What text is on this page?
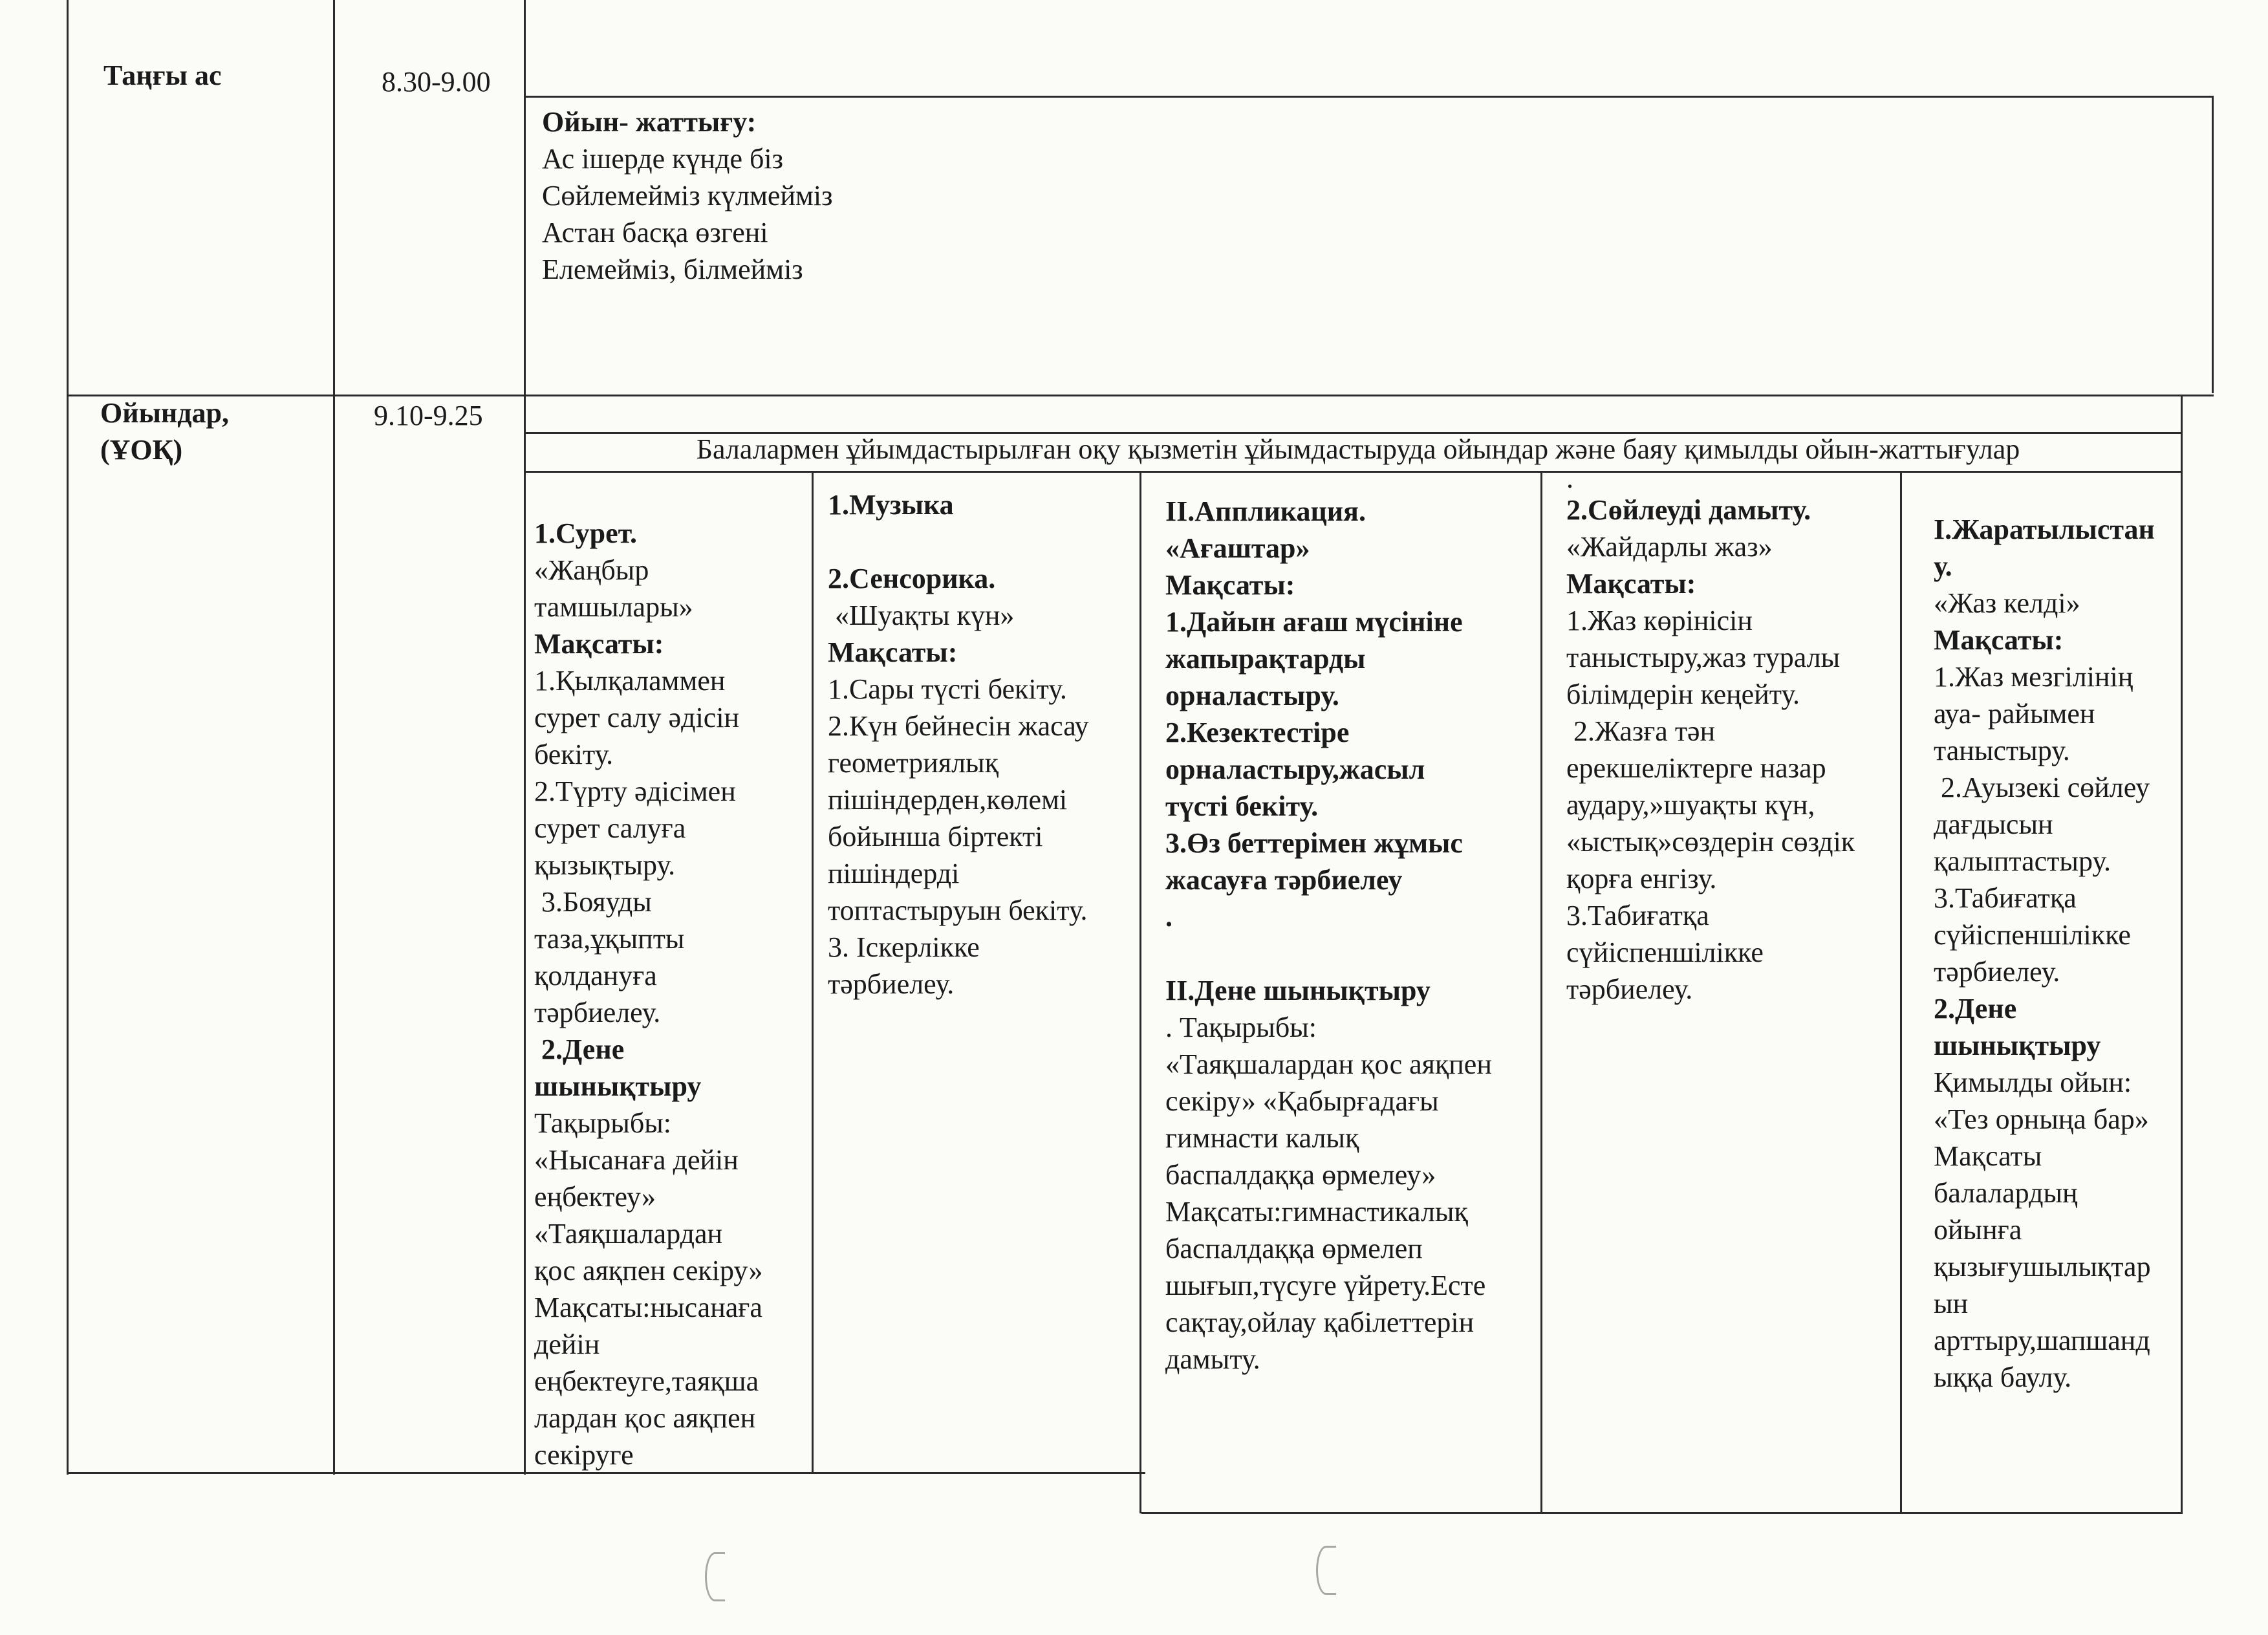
Таңғы ас	8.30-9.00

Ойын- жаттығу:

Ас ішерде күнде біз

Сөйлемейміз күлмейміз

Астан басқа өзгені

Елемейміз, білмейміз

Ойындар,

(ҰОҚ)

9.10-9.25
Балалармен ұйымдастырылған оқу қызметін ұйымдастыруда ойындар және баяу қимылды ойын-жаттығулар

1.Сурет.

«Жаңбыр

тамшылары»

Мақсаты:

1.Қылқаламмен

сурет салу әдісін

бекіту.

2.Түрту әдісімен

сурет салуға

қызықтыру.

3.Бояуды

таза,ұқыпты

қолдануға

тәрбиелеу.

2.Дене

шынықтыру

Тақырыбы:

«Нысанаға дейін

еңбектеу»

«Таяқшалардан

қос аяқпен секіру»

Мақсаты:нысанаға

дейін

еңбектеуге,таяқша

лардан қос аяқпен

секіруге

1.Музыка

2.Сенсорика.

«Шуақты күн»

Мақсаты:

1.Сары түсті бекіту.

2.Күн бейнесін жасау

геометриялық

пішіндерден,көлемі

бойынша біртекті

пішіндерді

топтастыруын бекіту.

3. Іскерлікке

тәрбиелеу.

ІІ.Аппликация.

«Ағаштар»

Мақсаты:

1.Дайын ағаш мүсініне

жапырақтарды

орналастыру.

2.Кезектестіре

орналастыру,жасыл

түсті бекіту.

3.Өз беттерімен жұмыс

жасауға тәрбиелеу

.

ІІ.Дене шынықтыру

. Тақырыбы:

«Таяқшалардан қос аяқпен

секіру» «Қабырғадағы

гимнасти калық

баспалдаққа өрмелеу»

Мақсаты:гимнастикалық

баспалдаққа өрмелеп

шығып,түсуге үйрету.Есте

сақтау,ойлау қабілеттерін

дамыту.

.

2.Сөйлеуді дамыту.

«Жайдарлы жаз»

Мақсаты:

1.Жаз көрінісін

таныстыру,жаз туралы

білімдерін кеңейту.

2.Жазға тән

ерекшеліктерге назар

аудару,»шуақты күн,

«ыстық»сөздерін сөздік

қорға енгізу.

3.Табиғатқа

сүйіспеншілікке

тәрбиелеу.

І.Жаратылыстан

у.

«Жаз келді»

Мақсаты:

1.Жаз мезгілінің

ауа- райымен

таныстыру.

2.Ауызекі сөйлеу

дағдысын

қалыптастыру.

3.Табиғатқа

сүйіспеншілікке

тәрбиелеу.

2.Дене

шынықтыру

Қимылды ойын:

«Тез орныңа бар»

Мақсаты

балалардың

ойынға

қызығушылықтар

ын

арттыру,шапшанд

ыққа баулу.
